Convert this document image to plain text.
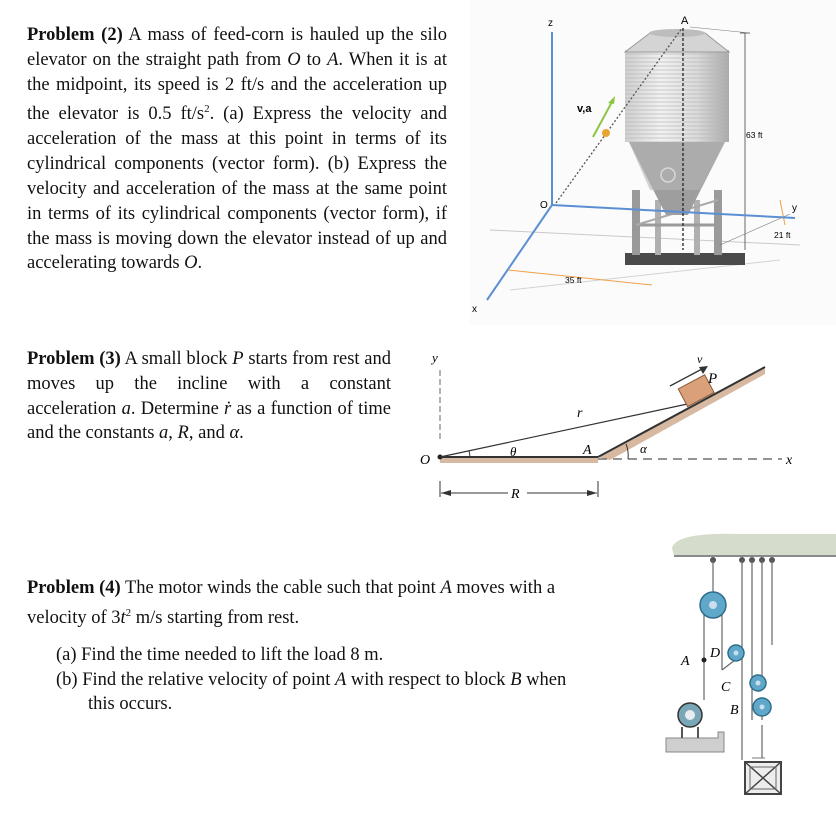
Problem (2) A mass of feed-corn is hauled up the silo elevator on the straight path from O to A. When it is at the midpoint, its speed is 2 ft/s and the acceleration up the elevator is 0.5 $ft/s^2$. (a) Express the velocity and acceleration of the mass at this point in terms of its cylindrical components (vector form). (b) Express the velocity and acceleration of the mass at the same point in terms of its cylindrical components (vector form), if the mass is moving down the elevator instead of up and accelerating towards O.
63 ft
21 ft
z
y
x
O
35 ft
A
v,a
Problem (3) A small block P starts from rest and moves up the incline with a constant acceleration a. Determine ṙ as a function of time and the constants a, R, and α.
y
x
O
r
θ	A	α
P
v
R
Problem (4) The motor winds the cable such that point A moves with a velocity of $3t^2$ m/s starting from rest.
(a) Find the time needed to lift the load 8 m.
(b) Find the relative velocity of point A with respect to block B when this occurs.
D
C
B
A
